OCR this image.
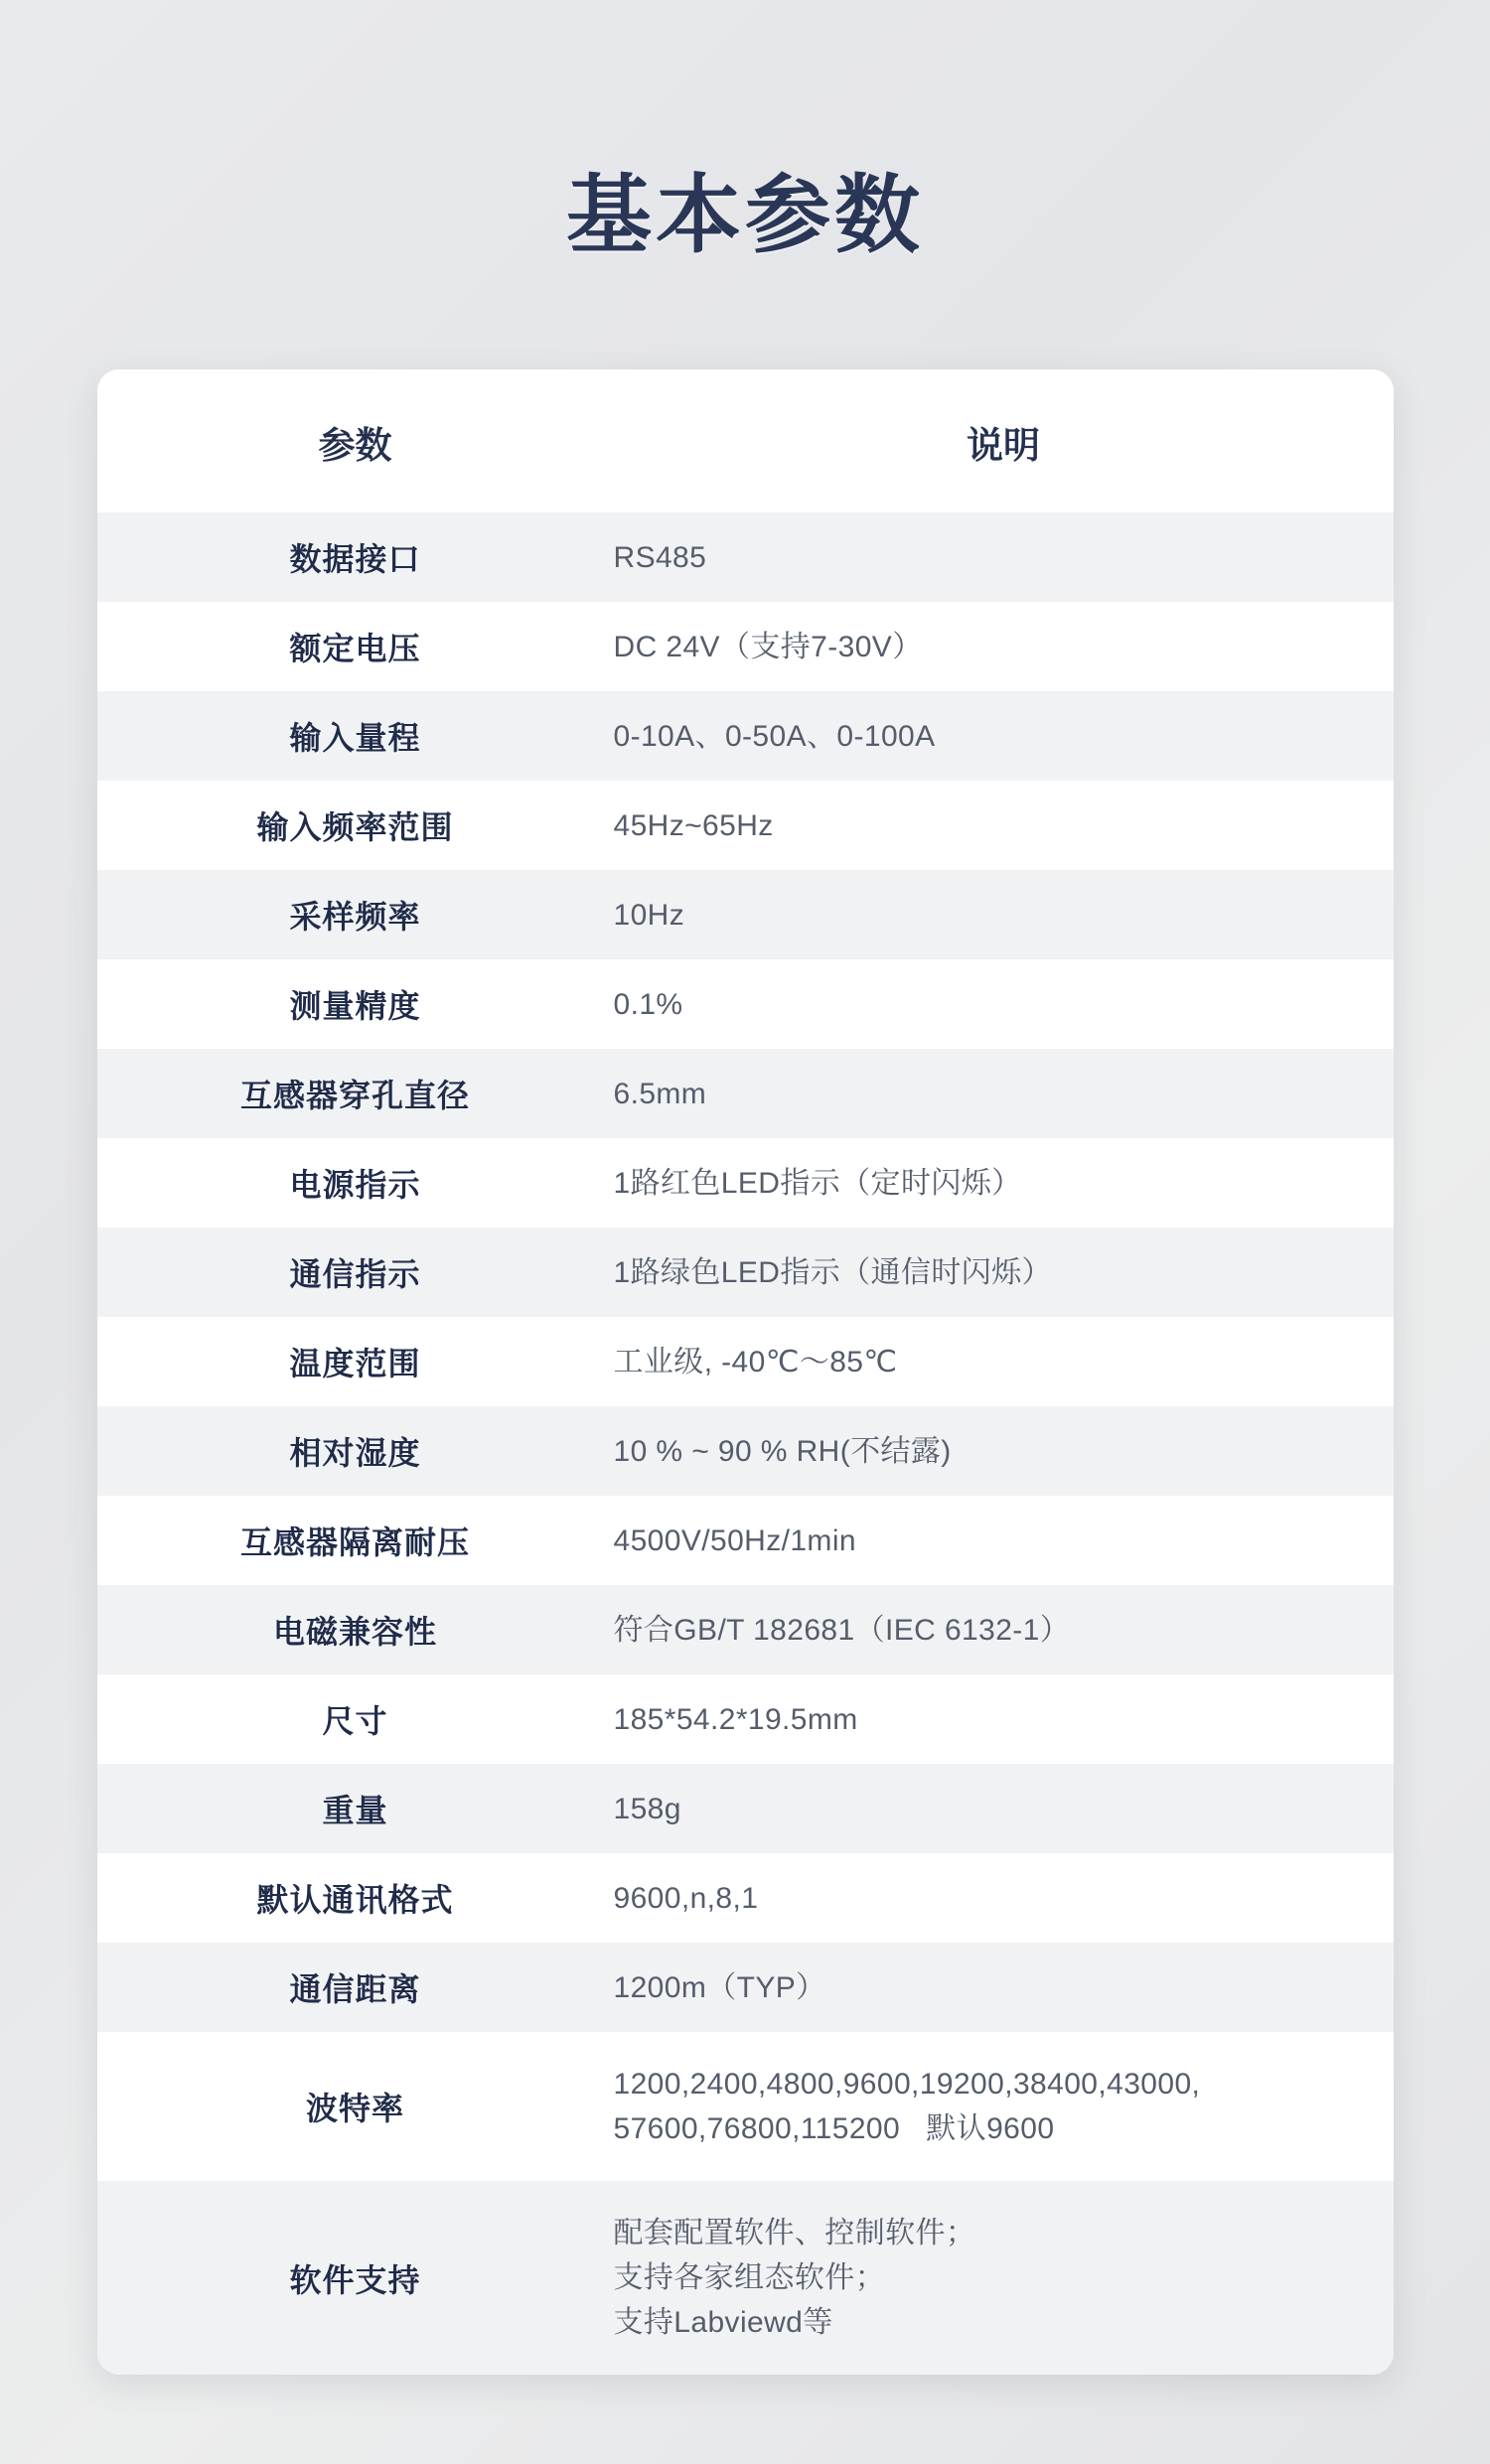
基本参数
参数	说明
数据接口	RS485

额定电压	DC 24V（支持7-30V）

输入量程	0-10A、0-50A、0-100A

输入频率范围	45Hz~65Hz

采样频率	10Hz

测量精度	0.1%

互感器穿孔直径	6.5mm

电源指示	1路红色LED指示（定时闪烁）

通信指示	1路绿色LED指示（通信时闪烁）

温度范围	工业级, -40℃～85℃

相对湿度	10 % ~ 90 % RH(不结露)

互感器隔离耐压	4500V/50Hz/1min

电磁兼容性	符合GB/T 182681（IEC 6132-1）

尺寸	185*54.2*19.5mm

重量	158g

默认通讯格式	9600,n,8,1

通信距离	1200m（TYP）

波特率	1200,2400,4800,9600,19200,38400,43000,
57600,76800,115200   默认9600

软件支持	配套配置软件、控制软件；
支持各家组态软件；
支持Labviewd等
